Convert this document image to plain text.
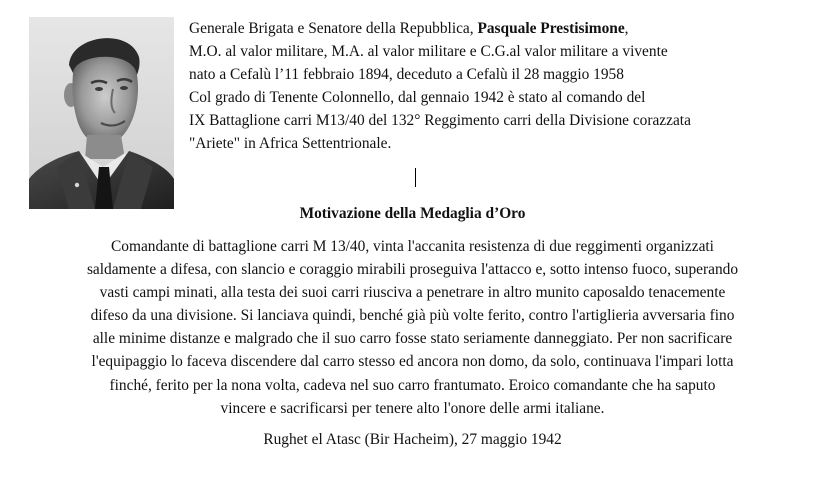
Generale Brigata e Senatore della Repubblica, Pasquale Prestisimone,
M.O. al valor militare, M.A. al valor militare e C.G.al valor militare a vivente
nato a Cefalù l’11 febbraio 1894, deceduto a Cefalù il 28 maggio 1958
Col grado di Tenente Colonnello, dal gennaio 1942 è stato al comando del
IX Battaglione carri M13/40 del 132° Reggimento carri della Divisione corazzata
"Ariete" in Africa Settentrionale.
Motivazione della Medaglia d’Oro
Comandante di battaglione carri M 13/40, vinta l'accanita resistenza di due reggimenti organizzati
saldamente a difesa, con slancio e coraggio mirabili proseguiva l'attacco e, sotto intenso fuoco, superando
vasti campi minati, alla testa dei suoi carri riusciva a penetrare in altro munito caposaldo tenacemente
difeso da una divisione. Si lanciava quindi, benché già più volte ferito, contro l'artiglieria avversaria fino
alle minime distanze e malgrado che il suo carro fosse stato seriamente danneggiato. Per non sacrificare
l'equipaggio lo faceva discendere dal carro stesso ed ancora non domo, da solo, continuava l'impari lotta
finché, ferito per la nona volta, cadeva nel suo carro frantumato. Eroico comandante che ha saputo
vincere e sacrificarsi per tenere alto l'onore delle armi italiane.
Rughet el Atasc (Bir Hacheim), 27 maggio 1942
